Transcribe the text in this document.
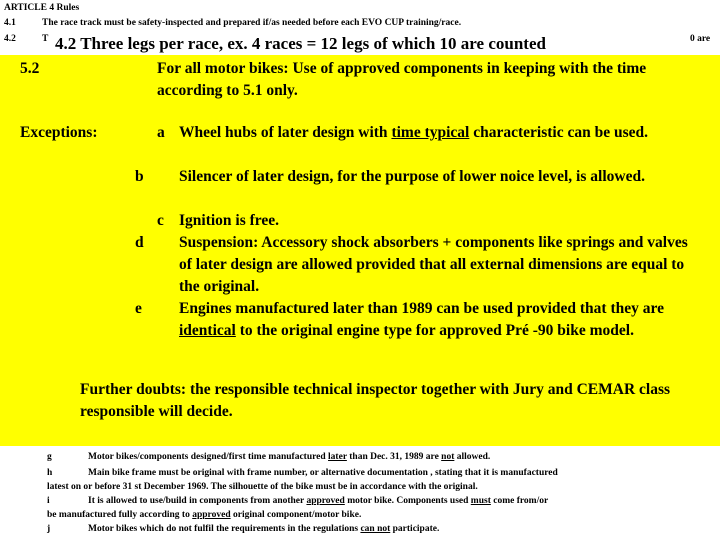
ARTICLE 4 Rules
4.1	The race track must be safety-inspected and prepared if/as needed before each EVO CUP training/race.
4.2	T	0 are
4.2 Three legs per race, ex. 4 races = 12 legs of which 10 are counted
5.2	For all motor bikes: Use of approved components in keeping with the time according to 5.1 only.
Exceptions:	a Wheel hubs of later design with time typical characteristic can be used.
b Silencer of later design, for the purpose of lower noice level, is allowed.
c Ignition is free.
d Suspension: Accessory shock absorbers + components like springs and valves of later design are allowed provided that all external dimensions are equal to the original.
e Engines manufactured later than 1989 can be used provided that they are identical to the original engine type for approved Pré -90 bike model.
Further doubts: the responsible technical inspector together with Jury and CEMAR class responsible will decide.
g	Motor bikes/components designed/first time manufactured later than Dec. 31, 1989 are not allowed.
h	Main bike frame must be original with frame number, or alternative documentation , stating that it is manufactured
latest on or before 31 st December 1969. The silhouette of the bike must be in accordance with the original.
i	It is allowed to use/build in components from another approved motor bike. Components used must come from/or
be manufactured fully according to approved original component/motor bike.
j	Motor bikes which do not fulfil the requirements in the regulations can not participate.
